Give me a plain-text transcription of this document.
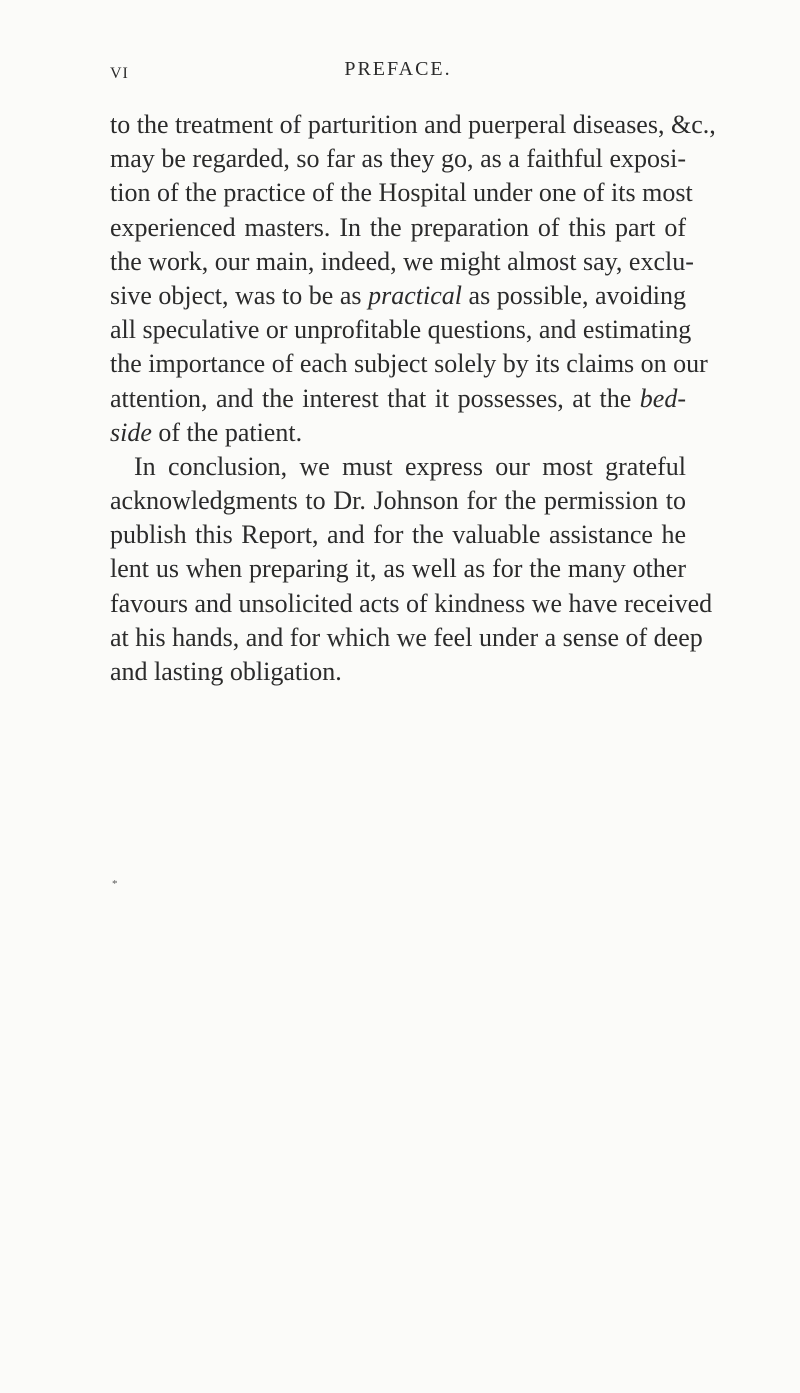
vi	PREFACE.
to the treatment of parturition and puerperal diseases, &c.,
may be regarded, so far as they go, as a faithful exposi-
tion of the practice of the Hospital under one of its most
experienced masters. In the preparation of this part of
the work, our main, indeed, we might almost say, exclu-
sive object, was to be as practical as possible, avoiding
all speculative or unprofitable questions, and estimating
the importance of each subject solely by its claims on our
attention, and the interest that it possesses, at the bed-
side of the patient.
In conclusion, we must express our most grateful
acknowledgments to Dr. Johnson for the permission to
publish this Report, and for the valuable assistance he
lent us when preparing it, as well as for the many other
favours and unsolicited acts of kindness we have received
at his hands, and for which we feel under a sense of deep
and lasting obligation.
*
